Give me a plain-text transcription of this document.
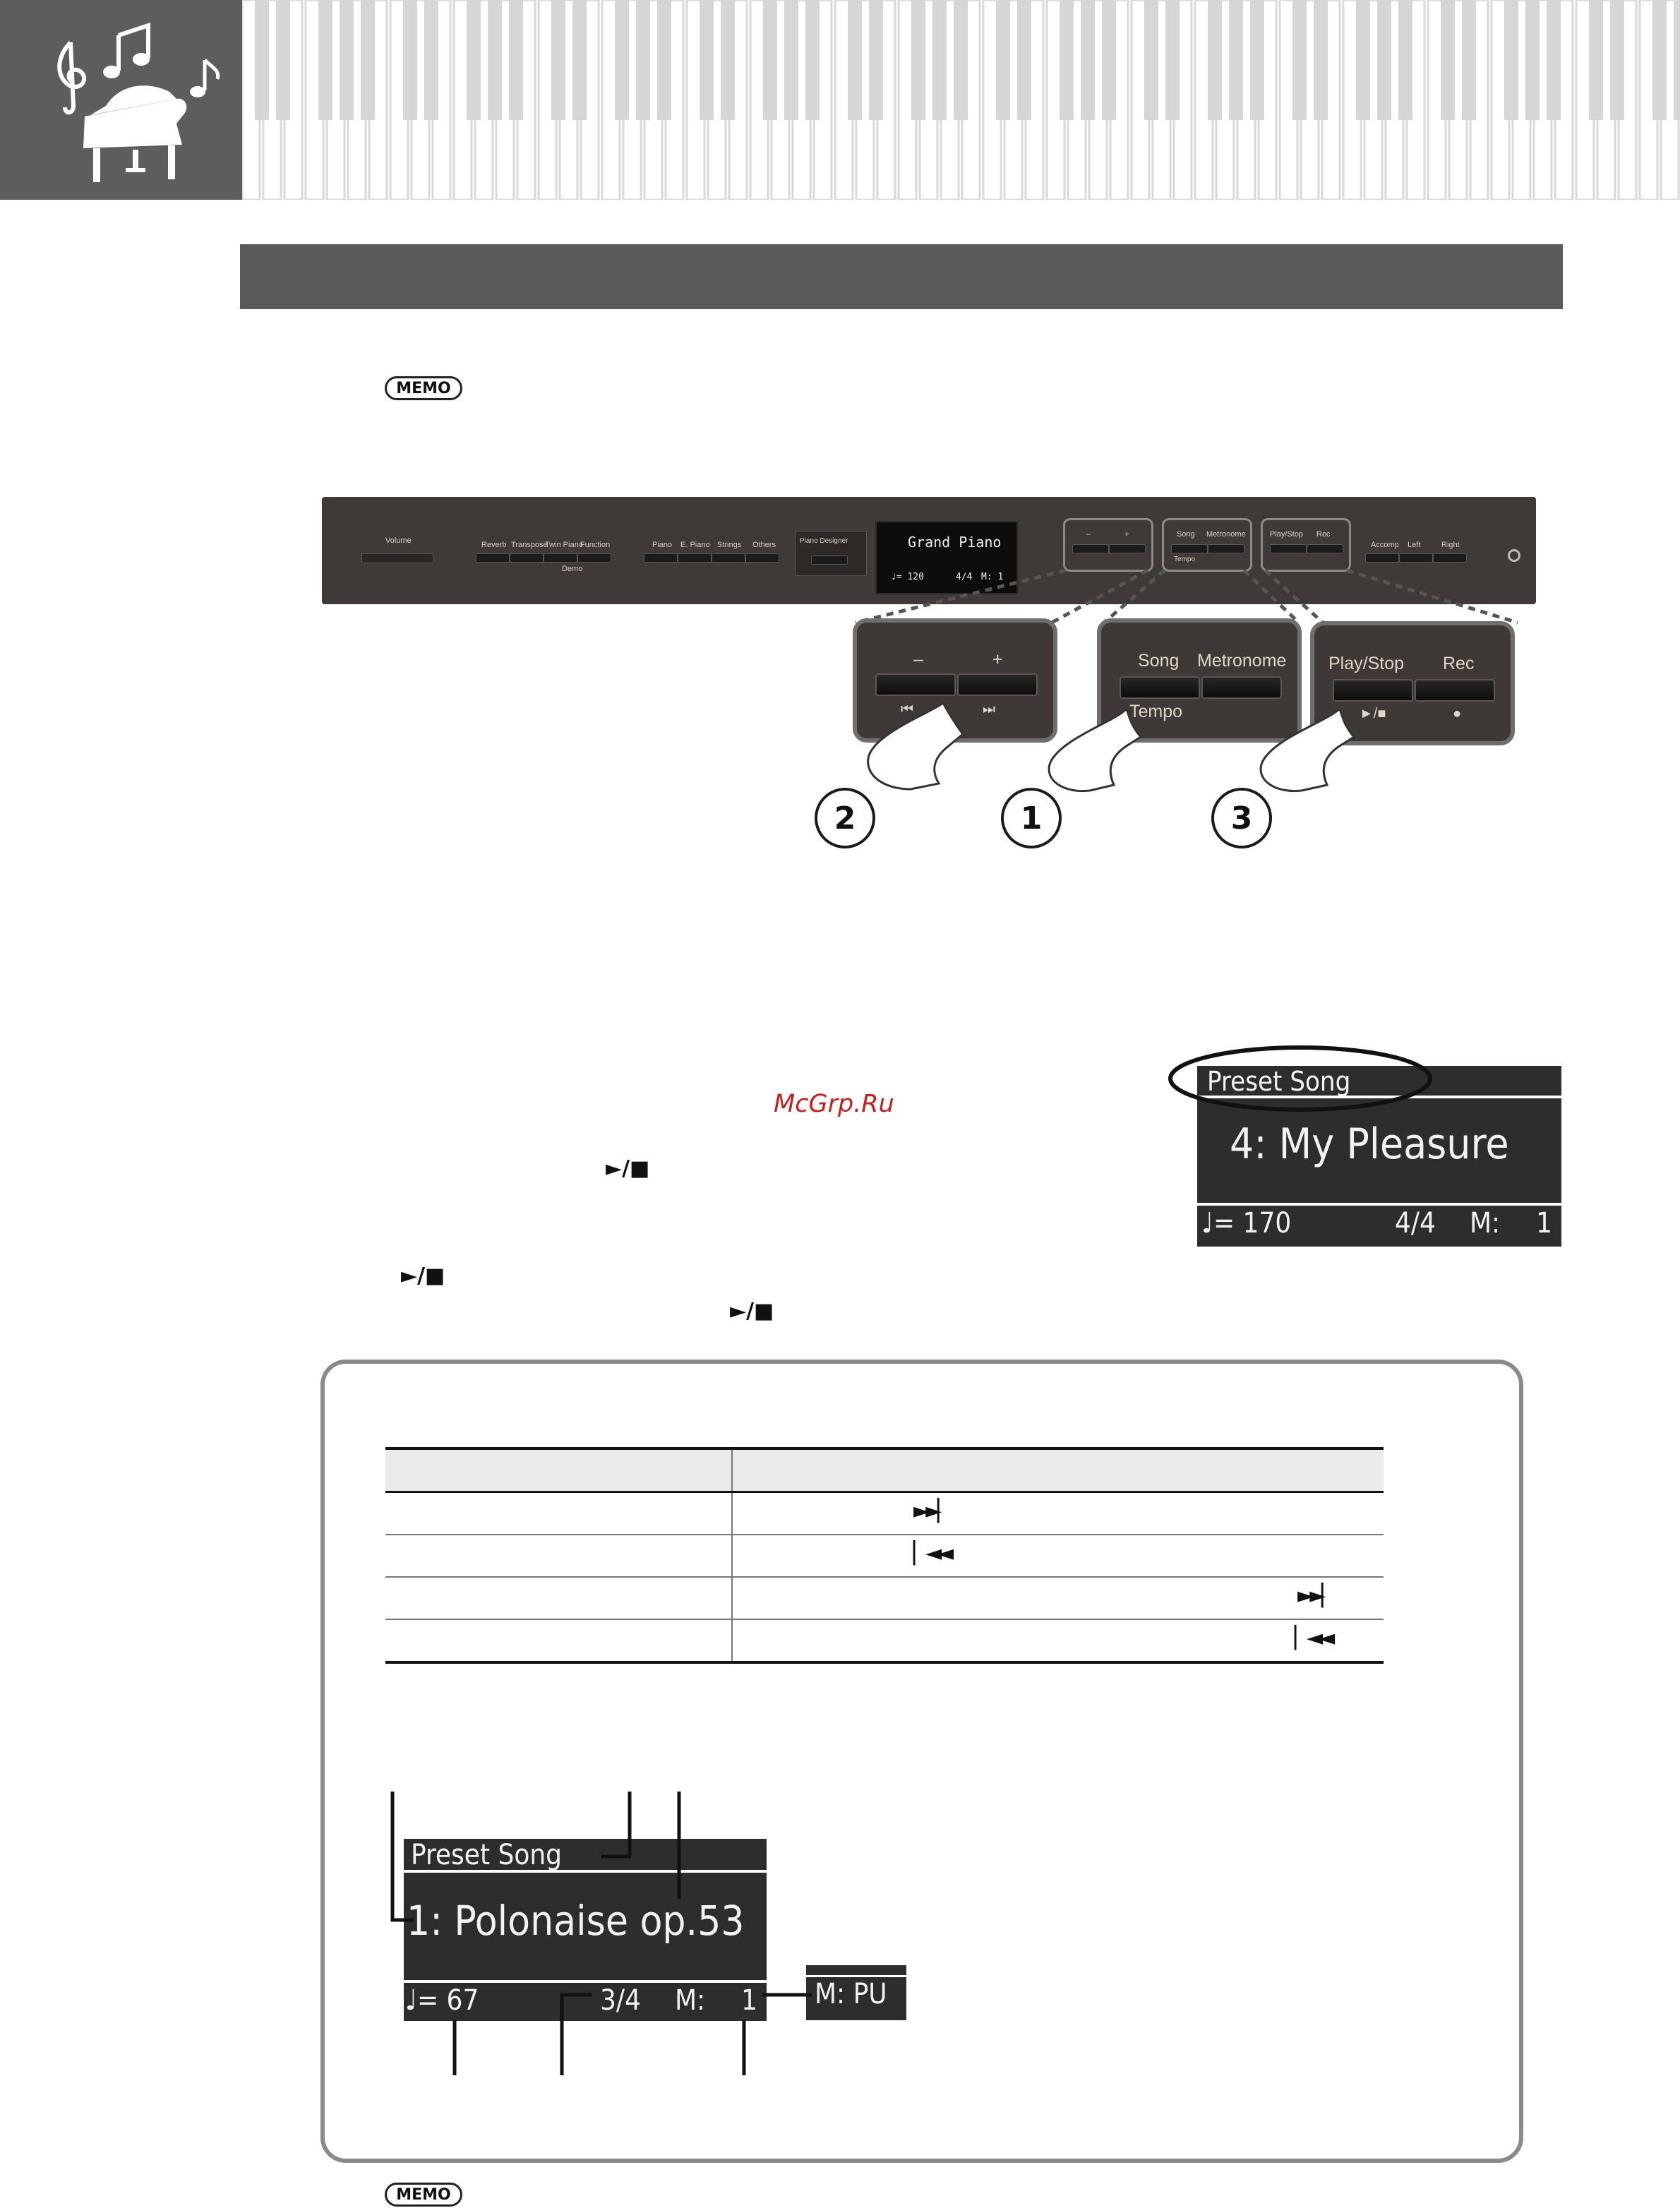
MEMO
Volume	Reverb Transpose
Twin Piano
Function
Demo
Piano E. Piano Strings Others	Piano Designer
–	+	Song Metronome
Tempo
Play/Stop Rec
Accomp Left	Right
Grand Piano
♩= 120	4/4 M: 1
–	+
⏮	⏭
Song Metronome
Tempo
Play/Stop Rec
►/■	●
2	1	3
McGrp.Ru
►/■
►/■
►/■
Preset Song
4: My Pleasure
♩= 170	4/4 M: 1

	►►▏

	▏◄◄

	►►▏

	▏◄◄
Preset Song
1: Polonaise op.53
♩= 67	3/4 M: 1 M: PU
MEMO
